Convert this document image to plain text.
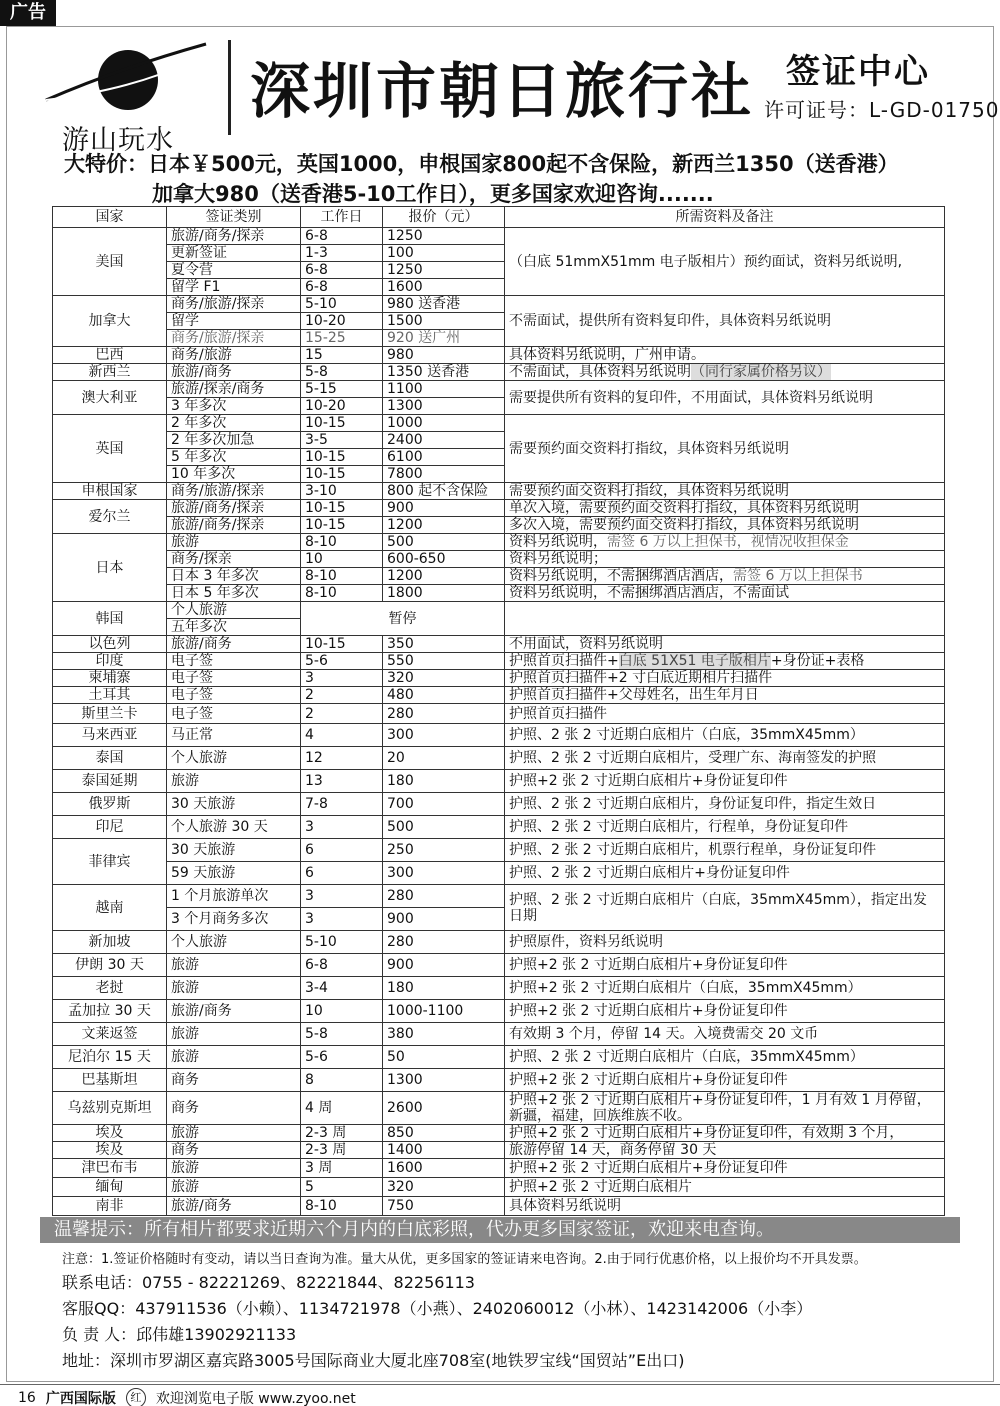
广告
游山玩水
深圳市朝日旅行社 签证中心
许可证号：L-GD-01750
大特价：日本￥500元，英国1000，申根国家800起不含保险，新西兰1350（送香港）
加拿大980（送香港5-10工作日），更多国家欢迎咨询.......
国家	签证类别	工作日	报价（元）	所需资料及备注
美国	旅游/商务/探亲	6-8	1250	（白底 51mmX51mm 电子版相片）预约面试，资料另纸说明,
	更新签证	1-3	100	
	夏令营	6-8	1250	
	留学 F1	6-8	1600	
加拿大	商务/旅游/探亲	5-10	980 送香港	不需面试，提供所有资料复印件，具体资料另纸说明
	留学	10-20	1500	
	商务/旅游/探亲	15-25	920 送广州	
巴西	商务/旅游	15	980	具体资料另纸说明，广州申请。
新西兰	旅游/商务	5-8	1350 送香港	不需面试，具体资料另纸说明（同行家属价格另议）
澳大利亚	旅游/探亲/商务	5-15	1100	需要提供所有资料的复印件，不用面试，具体资料另纸说明
	3 年多次	10-20	1300	
英国	2 年多次	10-15	1000	需要预约面交资料打指纹，具体资料另纸说明
	2 年多次加急	3-5	2400	
	5 年多次	10-15	6100	
	10 年多次	10-15	7800	
申根国家	商务/旅游/探亲	3-10	800 起不含保险	需要预约面交资料打指纹，具体资料另纸说明
爱尔兰	旅游/商务/探亲	10-15	900	单次入境，需要预约面交资料打指纹，具体资料另纸说明
	旅游/商务/探亲	10-15	1200	多次入境，需要预约面交资料打指纹，具体资料另纸说明
日本	旅游	8-10	500	资料另纸说明，需签 6 万以上担保书，视情况收担保金
	商务/探亲	10	600-650	资料另纸说明；
	日本 3 年多次	8-10	1200	资料另纸说明，不需捆绑酒店酒店，需签 6 万以上担保书
	日本 5 年多次	8-10	1800	资料另纸说明，不需捆绑酒店酒店，不需面试
韩国	个人旅游	暂停		
	五年多次			
以色列	旅游/商务	10-15	350	不用面试，资料另纸说明
印度	电子签	5-6	550	护照首页扫描件+白底 51X51 电子版相片+身份证+表格
柬埔寨	电子签	3	320	护照首页扫描件+2 寸白底近期相片扫描件
土耳其	电子签	2	480	护照首页扫描件+父母姓名，出生年月日
斯里兰卡	电子签	2	280	护照首页扫描件
马来西亚	马正常	4	300	护照、2 张 2 寸近期白底相片（白底，35mmX45mm）
泰国	个人旅游	12	20	护照、2 张 2 寸近期白底相片，受理广东、海南签发的护照
泰国延期	旅游	13	180	护照+2 张 2 寸近期白底相片+身份证复印件
俄罗斯	30 天旅游	7-8	700	护照、2 张 2 寸近期白底相片，身份证复印件，指定生效日
印尼	个人旅游 30 天	3	500	护照、2 张 2 寸近期白底相片，行程单，身份证复印件
菲律宾	30 天旅游	6	250	护照、2 张 2 寸近期白底相片，机票行程单，身份证复印件
	59 天旅游	6	300	护照、2 张 2 寸近期白底相片+身份证复印件
越南	1 个月旅游单次	3	280	护照、2 张 2 寸近期白底相片（白底，35mmX45mm），指定出发日期
	3 个月商务多次	3	900	
新加坡	个人旅游	5-10	280	护照原件，资料另纸说明
伊朗 30 天	旅游	6-8	900	护照+2 张 2 寸近期白底相片+身份证复印件
老挝	旅游	3-4	180	护照+2 张 2 寸近期白底相片（白底，35mmX45mm）
孟加拉 30 天	旅游/商务	10	1000-1100	护照+2 张 2 寸近期白底相片+身份证复印件
文莱返签	旅游	5-8	380	有效期 3 个月，停留 14 天。入境费需交 20 文币
尼泊尔 15 天	旅游	5-6	50	护照、2 张 2 寸近期白底相片（白底，35mmX45mm）
巴基斯坦	商务	8	1300	护照+2 张 2 寸近期白底相片+身份证复印件
乌兹别克斯坦	商务	4 周	2600	护照+2 张 2 寸近期白底相片+身份证复印件，1 月有效 1 月停留，新疆，福建，回族维族不收。
埃及	旅游	2-3 周	850	护照+2 张 2 寸近期白底相片+身份证复印件，有效期 3 个月，
埃及	商务	2-3 周	1400	旅游停留 14 天，商务停留 30 天
津巴布韦	旅游	3 周	1600	护照+2 张 2 寸近期白底相片+身份证复印件
缅甸	旅游	5	320	护照+2 张 2 寸近期白底相片
南非	旅游/商务	8-10	750	具体资料另纸说明
温馨提示：所有相片都要求近期六个月内的白底彩照，代办更多国家签证，欢迎来电查询。
注意：1.签证价格随时有变动，请以当日查询为准。量大从优，更多国家的签证请来电咨询。2.由于同行优惠价格，以上报价均不开具发票。
联系电话：0755 - 82221269、82221844、82256113
客服QQ：437911536（小赖）、1134721978（小燕）、2402060012（小林）、1423142006（小李）
负 责 人：邱伟雄13902921133
地址：深圳市罗湖区嘉宾路3005号国际商业大厦北座708室(地铁罗宝线“国贸站”E出口)
16 广西国际版	红	欢迎浏览电子版 www.zyoo.net
